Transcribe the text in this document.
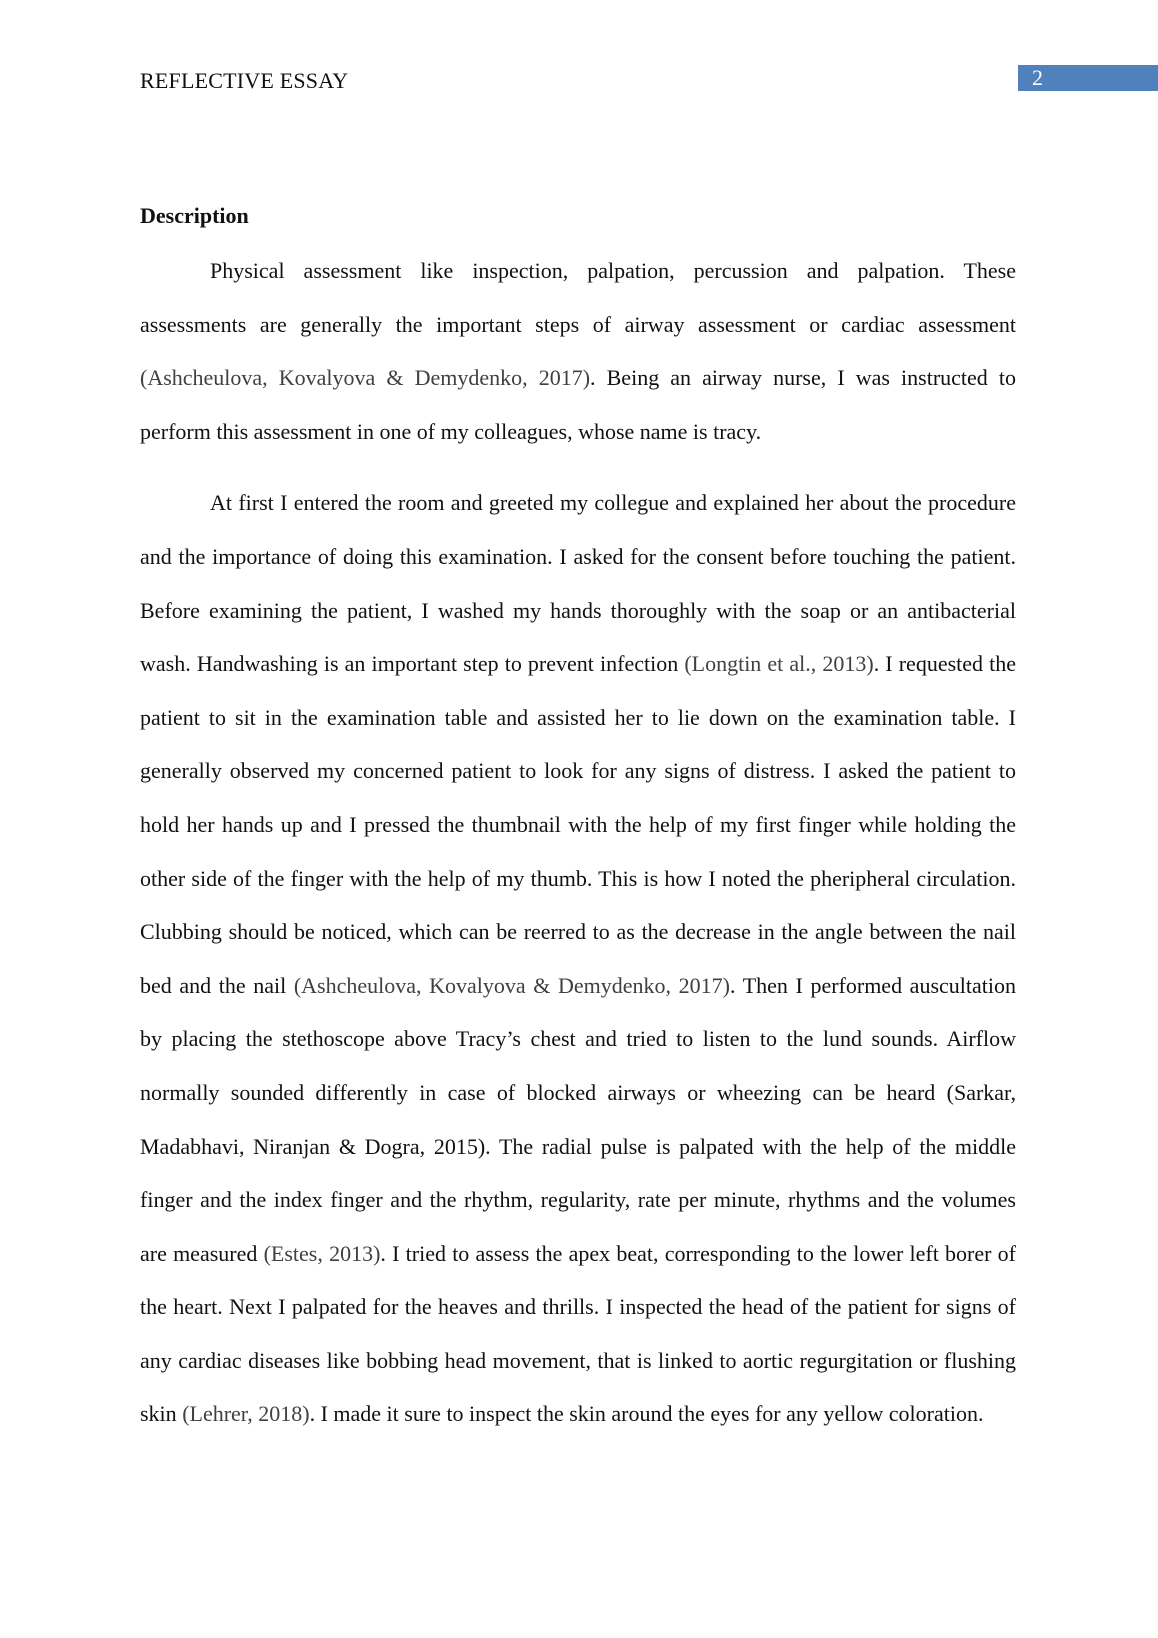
REFLECTIVE ESSAY	2
Description

Physical assessment like inspection, palpation, percussion and palpation. These assessments are generally the important steps of airway assessment or cardiac assessment (Ashcheulova, Kovalyova & Demydenko, 2017). Being an airway nurse, I was instructed to perform this assessment in one of my colleagues, whose name is tracy.

At first I entered the room and greeted my collegue and explained her about the procedure and the importance of doing this examination. I asked for the consent before touching the patient. Before examining the patient, I washed my hands thoroughly with the soap or an antibacterial wash. Handwashing is an important step to prevent infection (Longtin et al., 2013). I requested the patient to sit in the examination table and assisted her to lie down on the examination table. I generally observed my concerned patient to look for any signs of distress. I asked the patient to hold her hands up and I pressed the thumbnail with the help of my first finger while holding the other side of the finger with the help of my thumb. This is how I noted the pheripheral circulation. Clubbing should be noticed, which can be reerred to as the decrease in the angle between the nail bed and the nail (Ashcheulova, Kovalyova & Demydenko, 2017). Then I performed auscultation by placing the stethoscope above Tracy’s chest and tried to listen to the lund sounds. Airflow normally sounded differently in case of blocked airways or wheezing can be heard (Sarkar, Madabhavi, Niranjan & Dogra, 2015). The radial pulse is palpated with the help of the middle finger and the index finger and the rhythm, regularity, rate per minute, rhythms and the volumes are measured (Estes, 2013). I tried to assess the apex beat, corresponding to the lower left borer of the heart. Next I palpated for the heaves and thrills. I inspected the head of the patient for signs of any cardiac diseases like bobbing head movement, that is linked to aortic regurgitation or flushing skin (Lehrer, 2018). I made it sure to inspect the skin around the eyes for any yellow coloration.
